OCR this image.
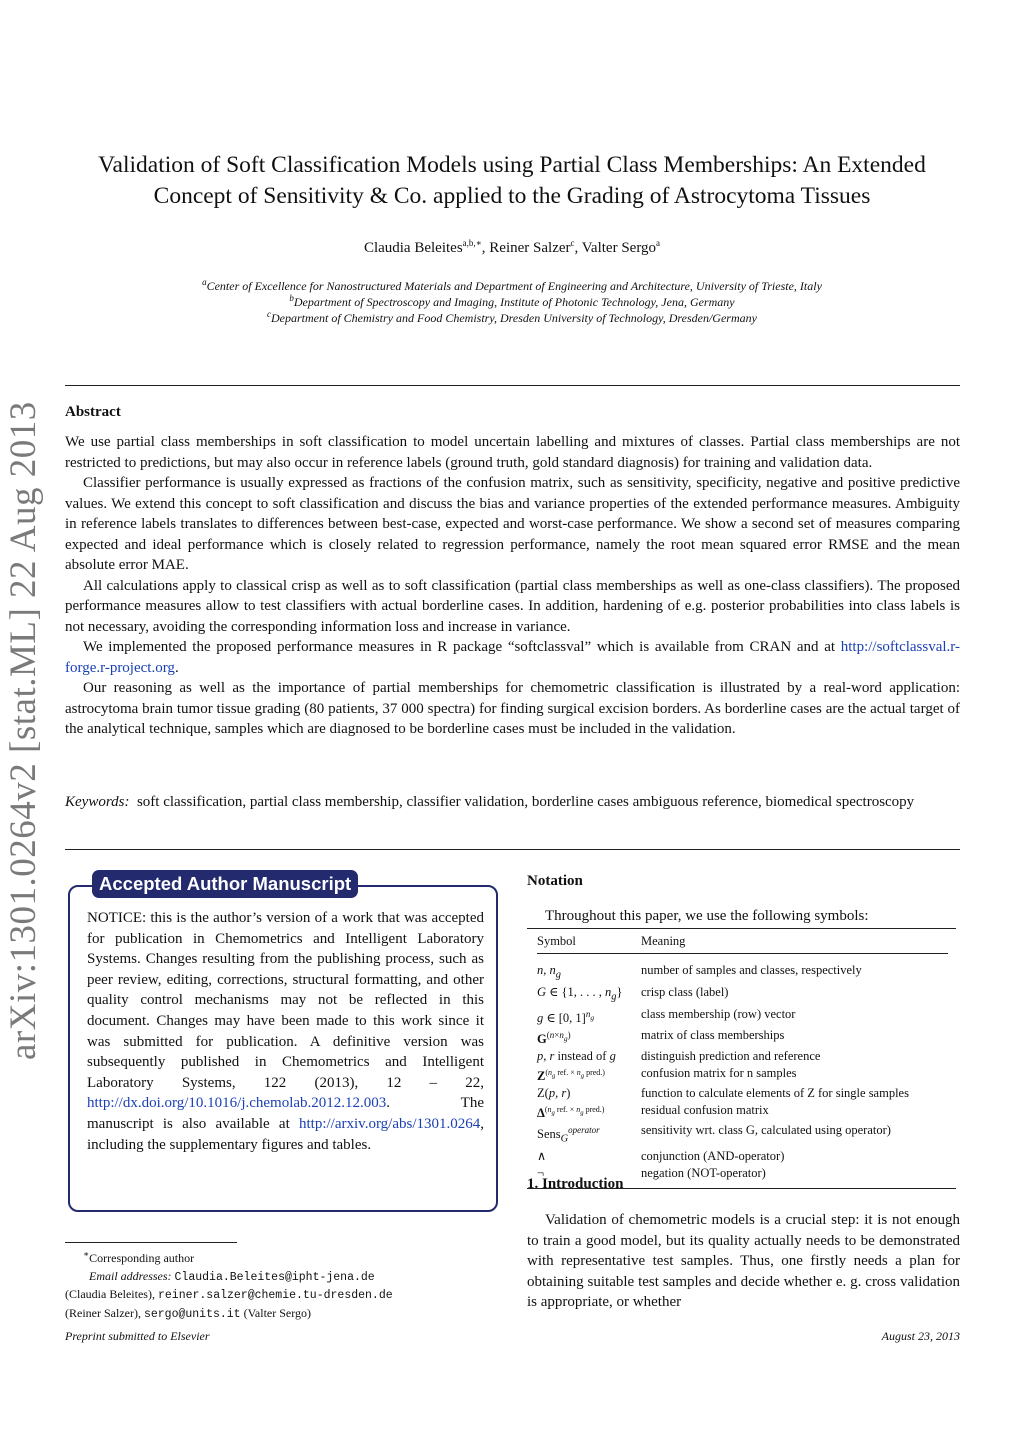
arXiv:1301.0264v2 [stat.ML] 22 Aug 2013
Validation of Soft Classification Models using Partial Class Memberships: An Extended
Concept of Sensitivity & Co. applied to the Grading of Astrocytoma Tissues
Claudia Beleites$^{a,b,∗}$, Reiner Salzer$^c$, Valter Sergo$^a$
$^a$Center of Excellence for Nanostructured Materials and Department of Engineering and Architecture, University of Trieste, Italy
$^b$Department of Spectroscopy and Imaging, Institute of Photonic Technology, Jena, Germany
$^c$Department of Chemistry and Food Chemistry, Dresden University of Technology, Dresden/Germany
Abstract

We use partial class memberships in soft classification to model uncertain labelling and mixtures of classes. Partial class memberships are not restricted to predictions, but may also occur in reference labels (ground truth, gold standard diagnosis) for training and validation data.

Classifier performance is usually expressed as fractions of the confusion matrix, such as sensitivity, specificity, negative and positive predictive values. We extend this concept to soft classification and discuss the bias and variance properties of the extended performance measures. Ambiguity in reference labels translates to differences between best-case, expected and worst-case performance. We show a second set of measures comparing expected and ideal performance which is closely related to regression performance, namely the root mean squared error RMSE and the mean absolute error MAE.

All calculations apply to classical crisp as well as to soft classification (partial class memberships as well as one-class classifiers). The proposed performance measures allow to test classifiers with actual borderline cases. In addition, hardening of e.g. posterior probabilities into class labels is not necessary, avoiding the corresponding information loss and increase in variance.

We implemented the proposed performance measures in R package “softclassval” which is available from CRAN and at http://softclassval.r-forge.r-project.org.

Our reasoning as well as the importance of partial memberships for chemometric classification is illustrated by a real-word application: astrocytoma brain tumor tissue grading (80 patients, 37 000 spectra) for finding surgical excision borders. As borderline cases are the actual target of the analytical technique, samples which are diagnosed to be borderline cases must be included in the validation.

Keywords: soft classification, partial class membership, classifier validation, borderline cases ambiguous reference, biomedical spectroscopy
Accepted Author Manuscript
NOTICE: this is the author’s version of a work that was accepted for publication in Chemometrics and Intelligent Laboratory Systems. Changes resulting from the publishing process, such as peer review, editing, corrections, structural formatting, and other quality control mechanisms may not be reflected in this document. Changes may have been made to this work since it was submitted for publication. A definitive version was subsequently published in Chemometrics and Intelligent Laboratory Systems, 122 (2013), 12 – 22, http://dx.doi.org/10.1016/j.chemolab.2012.12.003.	The manuscript is also available at http://arxiv.org/abs/1301.0264, including the supplementary figures and tables.
∗Corresponding author
Email addresses: Claudia.Beleites@ipht-jena.de
(Claudia Beleites), reiner.salzer@chemie.tu-dresden.de
(Reiner Salzer), sergo@units.it (Valter Sergo)
Preprint submitted to Elsevier	August 23, 2013
Notation
Throughout this paper, we use the following symbols:
Symbol	Meaning
n, $n_g$	number of samples and classes, respectively
G ∈ {1, . . . , $n_g$}	crisp class (label)
g ∈ [0, 1]$^{n_g}$	class membership (row) vector
$G^{(n\times n_g)}$	matrix of class memberships
p, r instead of g	distinguish prediction and reference
$Z^{(n_g ref. \times n_g pred.)}$	confusion matrix for n samples
Z(p, r)	function to calculate elements of Z for single samples
$\Delta^{(n_g ref. \times n_g pred.)}$	residual confusion matrix
Sens$_G^{operator}$	sensitivity wrt. class G, calculated using operator)
∧	conjunction (AND-operator)
¬	negation (NOT-operator)
1. Introduction
Validation of chemometric models is a crucial step: it is not enough to train a good model, but its quality actually needs to be demonstrated with representative test samples. Thus, one firstly needs a plan for obtaining suitable test samples and decide whether e. g. cross validation is appropriate, or whether
